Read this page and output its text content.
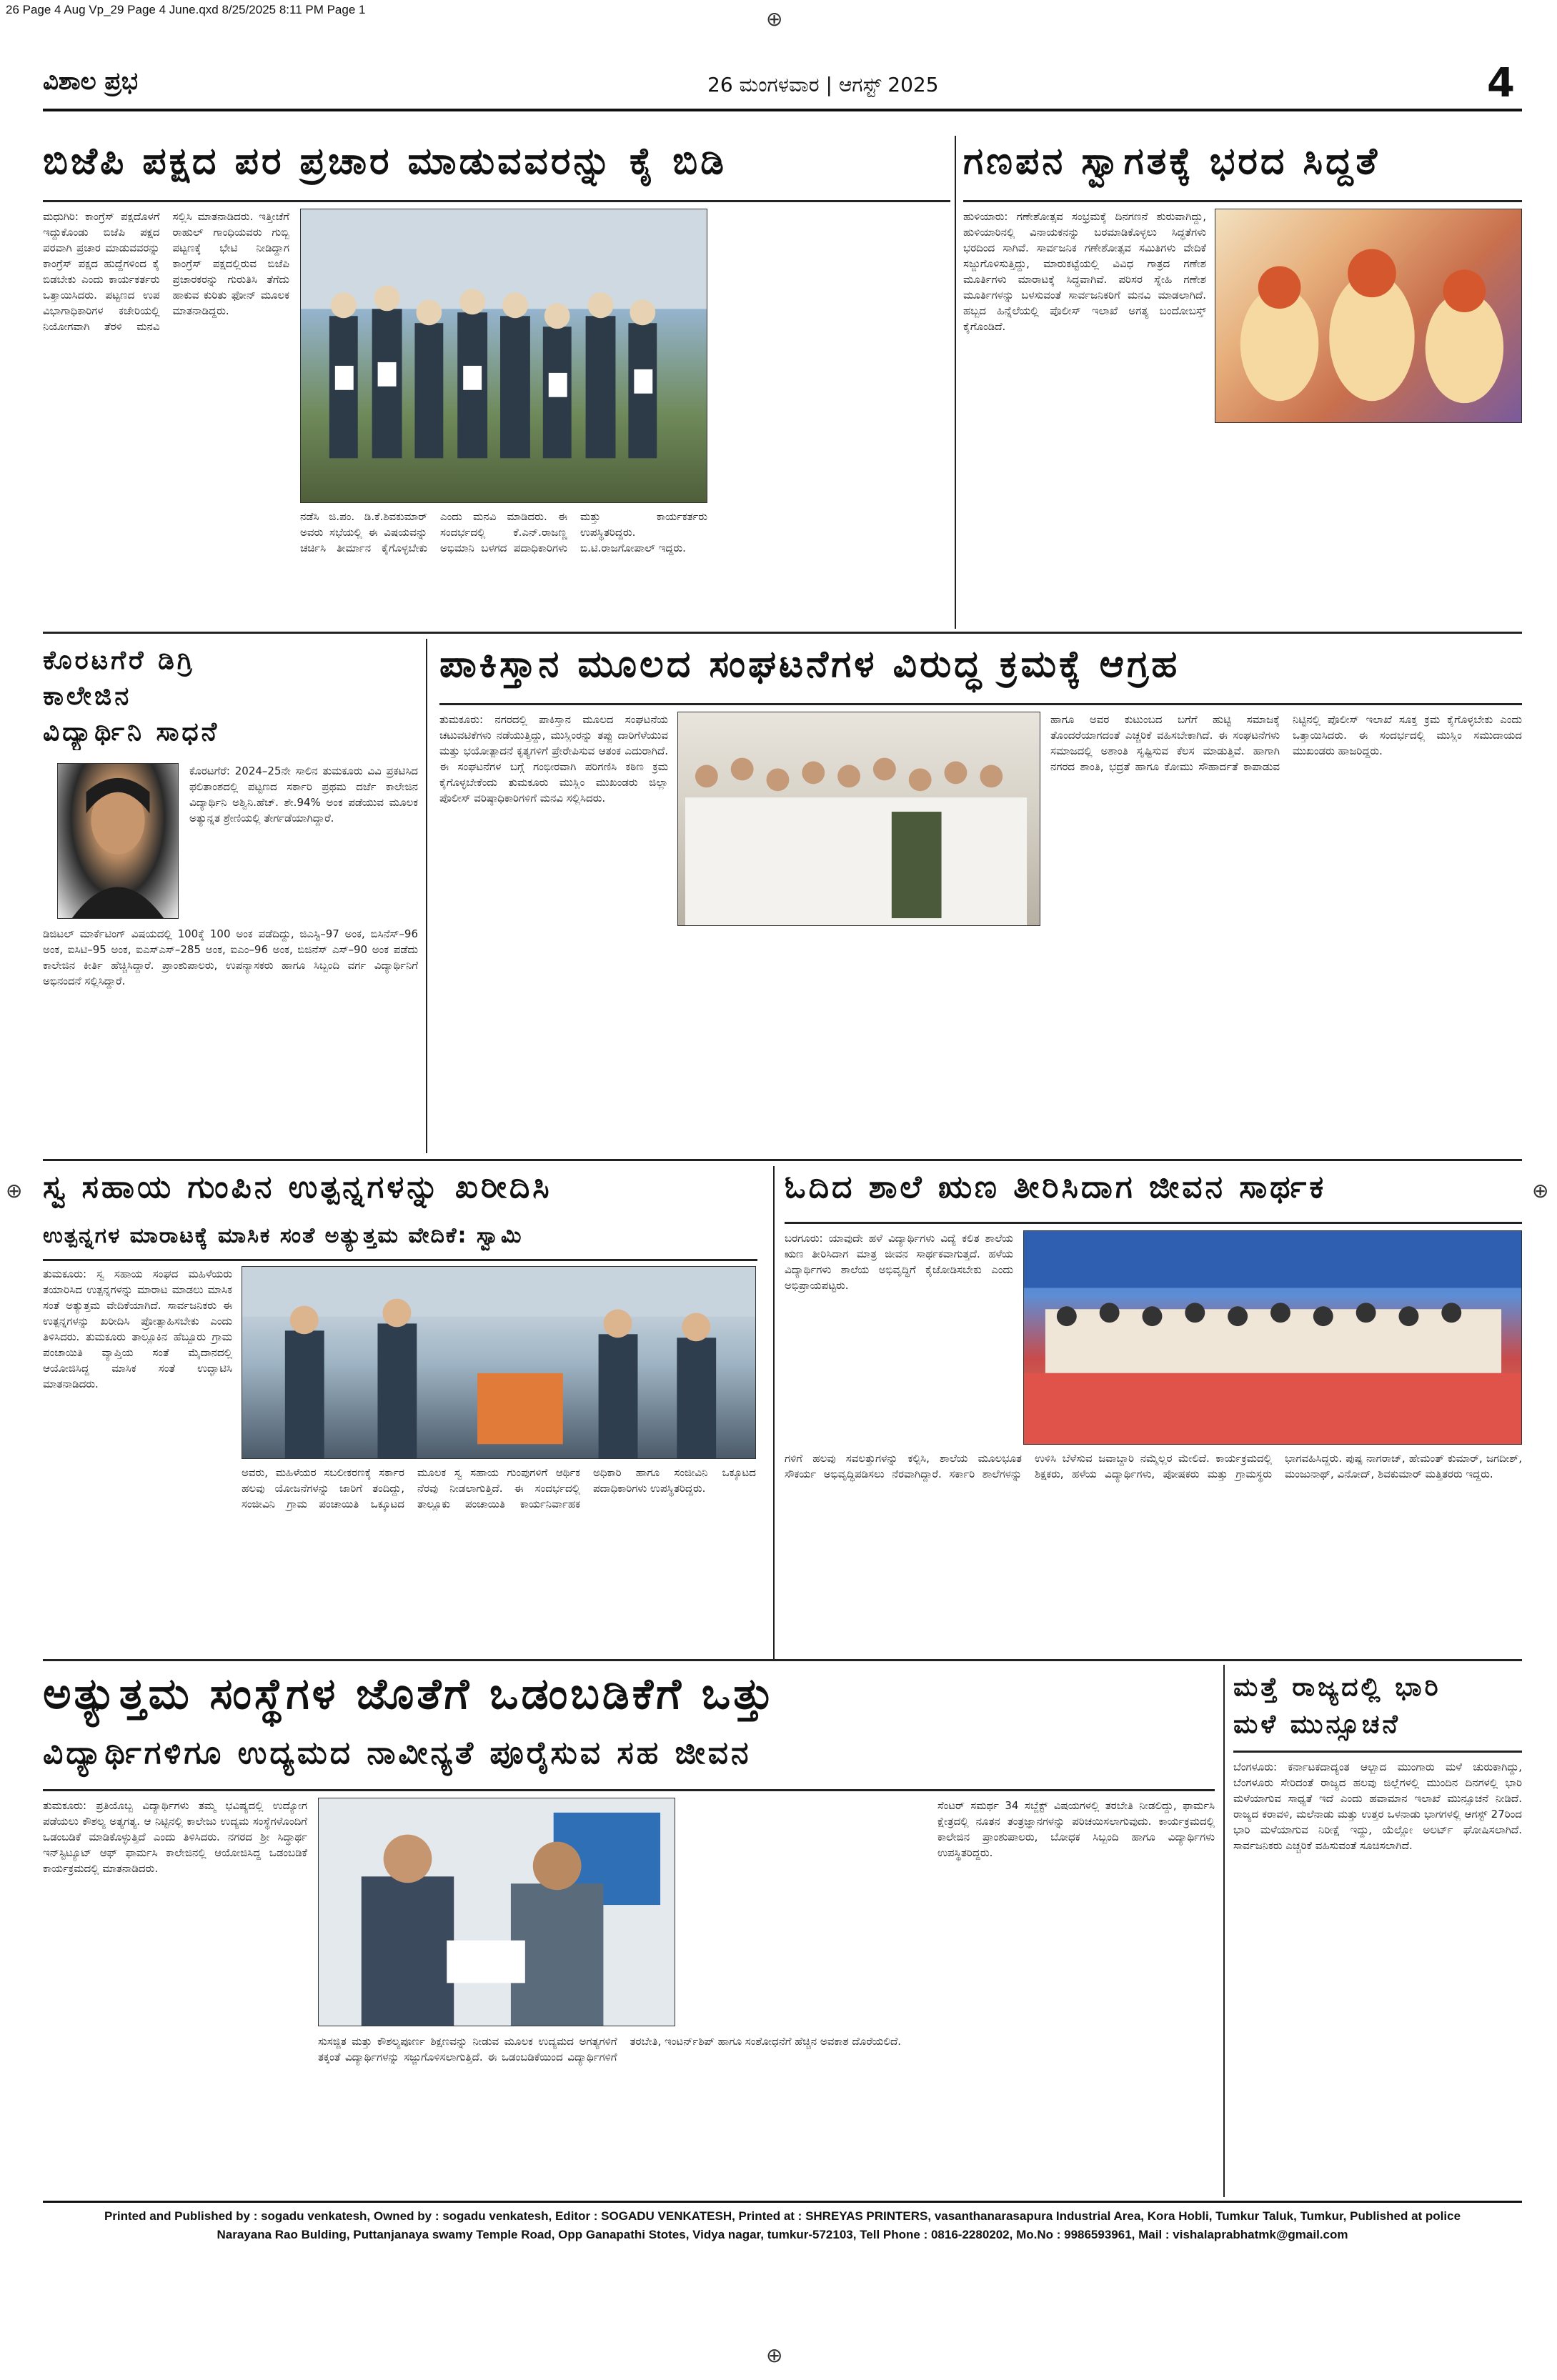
26 Page 4 Aug Vp_29 Page 4 June.qxd 8/25/2025 8:11 PM Page 1	⊕
⊕	⊕
⊕
ವಿಶಾಲ ಪ್ರಭ	26 ಮಂಗಳವಾರ | ಆಗಸ್ಟ್ 2025	4
ಬಿಜೆಪಿ ಪಕ್ಷದ ಪರ ಪ್ರಚಾರ ಮಾಡುವವರನ್ನು ಕೈ ಬಿಡಿ
ಮಧುಗಿರಿ: ಕಾಂಗ್ರೆಸ್ ಪಕ್ಷದೊಳಗೆ ಇದ್ದುಕೊಂಡು ಬಿಜೆಪಿ ಪಕ್ಷದ ಪರವಾಗಿ ಪ್ರಚಾರ ಮಾಡುವವರನ್ನು ಕಾಂಗ್ರೆಸ್ ಪಕ್ಷದ ಹುದ್ದೆಗಳಿಂದ ಕೈ ಬಿಡಬೇಕು ಎಂದು ಕಾರ್ಯಕರ್ತರು ಒತ್ತಾಯಿಸಿದರು. ಪಟ್ಟಣದ ಉಪ ವಿಭಾಗಾಧಿಕಾರಿಗಳ ಕಚೇರಿಯಲ್ಲಿ ನಿಯೋಗವಾಗಿ ತೆರಳಿ ಮನವಿ ಸಲ್ಲಿಸಿ ಮಾತನಾಡಿದರು. ಇತ್ತೀಚೆಗೆ ರಾಹುಲ್ ಗಾಂಧಿಯವರು ಗುಬ್ಬಿ ಪಟ್ಟಣಕ್ಕೆ ಭೇಟಿ ನೀಡಿದ್ದಾಗ ಕಾಂಗ್ರೆಸ್ ಪಕ್ಷದಲ್ಲಿರುವ ಬಿಜೆಪಿ ಪ್ರಚಾರಕರನ್ನು ಗುರುತಿಸಿ ತೆಗೆದು ಹಾಕುವ ಕುರಿತು ಫೋನ್ ಮೂಲಕ ಮಾತನಾಡಿದ್ದರು.
ನಡೆಸಿ ಜಿ.ಪಂ. ಡಿ.ಕೆ.ಶಿವಕುಮಾರ್ ಅವರು ಸಭೆಯಲ್ಲಿ ಈ ವಿಷಯವನ್ನು ಚರ್ಚಿಸಿ ತೀರ್ಮಾನ ಕೈಗೊಳ್ಳಬೇಕು ಎಂದು ಮನವಿ ಮಾಡಿದರು. ಈ ಸಂದರ್ಭದಲ್ಲಿ ಕೆ.ಎನ್.ರಾಜಣ್ಣ ಅಭಿಮಾನಿ ಬಳಗದ ಪದಾಧಿಕಾರಿಗಳು ಮತ್ತು ಕಾರ್ಯಕರ್ತರು ಉಪಸ್ಥಿತರಿದ್ದರು. ಬಿ.ಟಿ.ರಾಜಗೋಪಾಲ್ ಇದ್ದರು.
ಗಣಪನ ಸ್ವಾಗತಕ್ಕೆ ಭರದ ಸಿದ್ದತೆ
ಹುಳಿಯಾರು: ಗಣೇಶೋತ್ಸವ ಸಂಭ್ರಮಕ್ಕೆ ದಿನಗಣನೆ ಶುರುವಾಗಿದ್ದು, ಹುಳಿಯಾರಿನಲ್ಲಿ ವಿನಾಯಕನನ್ನು ಬರಮಾಡಿಕೊಳ್ಳಲು ಸಿದ್ಧತೆಗಳು ಭರದಿಂದ ಸಾಗಿವೆ. ಸಾರ್ವಜನಿಕ ಗಣೇಶೋತ್ಸವ ಸಮಿತಿಗಳು ವೇದಿಕೆ ಸಜ್ಜುಗೊಳಿಸುತ್ತಿದ್ದು, ಮಾರುಕಟ್ಟೆಯಲ್ಲಿ ವಿವಿಧ ಗಾತ್ರದ ಗಣೇಶ ಮೂರ್ತಿಗಳು ಮಾರಾಟಕ್ಕೆ ಸಿದ್ಧವಾಗಿವೆ. ಪರಿಸರ ಸ್ನೇಹಿ ಗಣೇಶ ಮೂರ್ತಿಗಳನ್ನು ಬಳಸುವಂತೆ ಸಾರ್ವಜನಿಕರಿಗೆ ಮನವಿ ಮಾಡಲಾಗಿದೆ. ಹಬ್ಬದ ಹಿನ್ನೆಲೆಯಲ್ಲಿ ಪೊಲೀಸ್ ಇಲಾಖೆ ಅಗತ್ಯ ಬಂದೋಬಸ್ತ್ ಕೈಗೊಂಡಿದೆ.
ಕೊರಟಗೆರೆ ಡಿಗ್ರಿ
ಕಾಲೇಜಿನ
ವಿದ್ಯಾರ್ಥಿನಿ ಸಾಧನೆ
ಕೊರಟಗೆರೆ: 2024–25ನೇ ಸಾಲಿನ ತುಮಕೂರು ವಿವಿ ಪ್ರಕಟಿಸಿದ ಫಲಿತಾಂಶದಲ್ಲಿ ಪಟ್ಟಣದ ಸರ್ಕಾರಿ ಪ್ರಥಮ ದರ್ಜೆ ಕಾಲೇಜಿನ ವಿದ್ಯಾರ್ಥಿನಿ ಅಶ್ವಿನಿ.ಹೆಚ್. ಶೇ.94% ಅಂಕ ಪಡೆಯುವ ಮೂಲಕ ಅತ್ಯುನ್ನತ ಶ್ರೇಣಿಯಲ್ಲಿ ತೇರ್ಗಡೆಯಾಗಿದ್ದಾರೆ.
ಡಿಜಿಟಲ್ ಮಾರ್ಕೆಟಿಂಗ್ ವಿಷಯದಲ್ಲಿ 100ಕ್ಕೆ 100 ಅಂಕ ಪಡೆದಿದ್ದು, ಜಿಎಸ್ಟಿ–97 ಅಂಕ, ಬಿಸಿನೆಸ್–96 ಅಂಕ, ಐಸಿಟಿ–95 ಅಂಕ, ಐಎಸ್ಎಸ್–285 ಅಂಕ, ಐಎಂ–96 ಅಂಕ, ಬಿಜಿನೆಸ್ ಎಸ್–90 ಅಂಕ ಪಡೆದು ಕಾಲೇಜಿನ ಕೀರ್ತಿ ಹೆಚ್ಚಿಸಿದ್ದಾರೆ. ಪ್ರಾಂಶುಪಾಲರು, ಉಪನ್ಯಾಸಕರು ಹಾಗೂ ಸಿಬ್ಬಂದಿ ವರ್ಗ ವಿದ್ಯಾರ್ಥಿನಿಗೆ ಅಭಿನಂದನೆ ಸಲ್ಲಿಸಿದ್ದಾರೆ.
ಪಾಕಿಸ್ತಾನ ಮೂಲದ ಸಂಘಟನೆಗಳ ವಿರುದ್ಧ ಕ್ರಮಕ್ಕೆ ಆಗ್ರಹ
ತುಮಕೂರು: ನಗರದಲ್ಲಿ ಪಾಕಿಸ್ತಾನ ಮೂಲದ ಸಂಘಟನೆಯ ಚಟುವಟಿಕೆಗಳು ನಡೆಯುತ್ತಿದ್ದು, ಮುಸ್ಲಿಂರನ್ನು ತಪ್ಪು ದಾರಿಗೆಳೆಯುವ ಮತ್ತು ಭಯೋತ್ಪಾದನೆ ಕೃತ್ಯಗಳಿಗೆ ಪ್ರೇರೇಪಿಸುವ ಆತಂಕ ಎದುರಾಗಿದೆ. ಈ ಸಂಘಟನೆಗಳ ಬಗ್ಗೆ ಗಂಭೀರವಾಗಿ ಪರಿಗಣಿಸಿ ಕಠಿಣ ಕ್ರಮ ಕೈಗೊಳ್ಳಬೇಕೆಂದು ತುಮಕೂರು ಮುಸ್ಲಿಂ ಮುಖಂಡರು ಜಿಲ್ಲಾ ಪೊಲೀಸ್ ವರಿಷ್ಠಾಧಿಕಾರಿಗಳಿಗೆ ಮನವಿ ಸಲ್ಲಿಸಿದರು.
ಹಾಗೂ ಅವರ ಕುಟುಂಬದ ಬಗೆಗೆ ಹುಟ್ಟಿ ಸಮಾಜಕ್ಕೆ ತೊಂದರೆಯಾಗದಂತೆ ಎಚ್ಚರಿಕೆ ವಹಿಸಬೇಕಾಗಿದೆ. ಈ ಸಂಘಟನೆಗಳು ಸಮಾಜದಲ್ಲಿ ಅಶಾಂತಿ ಸೃಷ್ಟಿಸುವ ಕೆಲಸ ಮಾಡುತ್ತಿವೆ. ಹಾಗಾಗಿ ನಗರದ ಶಾಂತಿ, ಭದ್ರತೆ ಹಾಗೂ ಕೋಮು ಸೌಹಾರ್ದತೆ ಕಾಪಾಡುವ ನಿಟ್ಟಿನಲ್ಲಿ ಪೊಲೀಸ್ ಇಲಾಖೆ ಸೂಕ್ತ ಕ್ರಮ ಕೈಗೊಳ್ಳಬೇಕು ಎಂದು ಒತ್ತಾಯಿಸಿದರು. ಈ ಸಂದರ್ಭದಲ್ಲಿ ಮುಸ್ಲಿಂ ಸಮುದಾಯದ ಮುಖಂಡರು ಹಾಜರಿದ್ದರು.
ಸ್ವ ಸಹಾಯ ಗುಂಪಿನ ಉತ್ಪನ್ನಗಳನ್ನು ಖರೀದಿಸಿ
ಉತ್ಪನ್ನಗಳ ಮಾರಾಟಕ್ಕೆ ಮಾಸಿಕ ಸಂತೆ ಅತ್ಯುತ್ತಮ ವೇದಿಕೆ: ಸ್ವಾಮಿ
ತುಮಕೂರು: ಸ್ವ ಸಹಾಯ ಸಂಘದ ಮಹಿಳೆಯರು ತಯಾರಿಸಿದ ಉತ್ಪನ್ನಗಳನ್ನು ಮಾರಾಟ ಮಾಡಲು ಮಾಸಿಕ ಸಂತೆ ಅತ್ಯುತ್ತಮ ವೇದಿಕೆಯಾಗಿದೆ. ಸಾರ್ವಜನಿಕರು ಈ ಉತ್ಪನ್ನಗಳನ್ನು ಖರೀದಿಸಿ ಪ್ರೋತ್ಸಾಹಿಸಬೇಕು ಎಂದು ತಿಳಿಸಿದರು. ತುಮಕೂರು ತಾಲ್ಲೂಕಿನ ಹೆಬ್ಬೂರು ಗ್ರಾಮ ಪಂಚಾಯಿತಿ ವ್ಯಾಪ್ತಿಯ ಸಂತೆ ಮೈದಾನದಲ್ಲಿ ಆಯೋಜಿಸಿದ್ದ ಮಾಸಿಕ ಸಂತೆ ಉದ್ಘಾಟಿಸಿ ಮಾತನಾಡಿದರು.
ಅವರು, ಮಹಿಳೆಯರ ಸಬಲೀಕರಣಕ್ಕೆ ಸರ್ಕಾರ ಹಲವು ಯೋಜನೆಗಳನ್ನು ಜಾರಿಗೆ ತಂದಿದ್ದು, ಸಂಜೀವಿನಿ ಗ್ರಾಮ ಪಂಚಾಯಿತಿ ಒಕ್ಕೂಟದ ಮೂಲಕ ಸ್ವ ಸಹಾಯ ಗುಂಪುಗಳಿಗೆ ಆರ್ಥಿಕ ನೆರವು ನೀಡಲಾಗುತ್ತಿದೆ. ಈ ಸಂದರ್ಭದಲ್ಲಿ ತಾಲ್ಲೂಕು ಪಂಚಾಯಿತಿ ಕಾರ್ಯನಿರ್ವಾಹಕ ಅಧಿಕಾರಿ ಹಾಗೂ ಸಂಜೀವಿನಿ ಒಕ್ಕೂಟದ ಪದಾಧಿಕಾರಿಗಳು ಉಪಸ್ಥಿತರಿದ್ದರು.
ಓದಿದ ಶಾಲೆ ಋಣ ತೀರಿಸಿದಾಗ ಜೀವನ ಸಾರ್ಥಕ
ಬರಗೂರು: ಯಾವುದೇ ಹಳೆ ವಿದ್ಯಾರ್ಥಿಗಳು ವಿದ್ಯೆ ಕಲಿತ ಶಾಲೆಯ ಋಣ ತೀರಿಸಿದಾಗ ಮಾತ್ರ ಜೀವನ ಸಾರ್ಥಕವಾಗುತ್ತದೆ. ಹಳೆಯ ವಿದ್ಯಾರ್ಥಿಗಳು ಶಾಲೆಯ ಅಭಿವೃದ್ಧಿಗೆ ಕೈಜೋಡಿಸಬೇಕು ಎಂದು ಅಭಿಪ್ರಾಯಪಟ್ಟರು.
ಗಳಿಗೆ ಹಲವು ಸವಲತ್ತುಗಳನ್ನು ಕಲ್ಪಿಸಿ, ಶಾಲೆಯ ಮೂಲಭೂತ ಸೌಕರ್ಯ ಅಭಿವೃದ್ಧಿಪಡಿಸಲು ನೆರವಾಗಿದ್ದಾರೆ. ಸರ್ಕಾರಿ ಶಾಲೆಗಳನ್ನು ಉಳಿಸಿ ಬೆಳೆಸುವ ಜವಾಬ್ದಾರಿ ನಮ್ಮೆಲ್ಲರ ಮೇಲಿದೆ. ಕಾರ್ಯಕ್ರಮದಲ್ಲಿ ಶಿಕ್ಷಕರು, ಹಳೆಯ ವಿದ್ಯಾರ್ಥಿಗಳು, ಪೋಷಕರು ಮತ್ತು ಗ್ರಾಮಸ್ಥರು ಭಾಗವಹಿಸಿದ್ದರು. ಪುಷ್ಪ ನಾಗರಾಜ್, ಹೇಮಂತ್ ಕುಮಾರ್, ಜಗದೀಶ್, ಮಂಜುನಾಥ್, ವಿನೋದ್, ಶಿವಕುಮಾರ್ ಮತ್ತಿತರರು ಇದ್ದರು.
ಅತ್ಯುತ್ತಮ ಸಂಸ್ಥೆಗಳ ಜೊತೆಗೆ ಒಡಂಬಡಿಕೆಗೆ ಒತ್ತು
ವಿದ್ಯಾರ್ಥಿಗಳಿಗೂ ಉದ್ಯಮದ ನಾವೀನ್ಯತೆ ಪೂರೈಸುವ ಸಹ ಜೀವನ
ತುಮಕೂರು: ಪ್ರತಿಯೊಬ್ಬ ವಿದ್ಯಾರ್ಥಿಗಳು ತಮ್ಮ ಭವಿಷ್ಯದಲ್ಲಿ ಉದ್ಯೋಗ ಪಡೆಯಲು ಕೌಶಲ್ಯ ಅತ್ಯಗತ್ಯ. ಆ ನಿಟ್ಟಿನಲ್ಲಿ ಕಾಲೇಜು ಉದ್ಯಮ ಸಂಸ್ಥೆಗಳೊಂದಿಗೆ ಒಡಂಬಡಿಕೆ ಮಾಡಿಕೊಳ್ಳುತ್ತಿದೆ ಎಂದು ತಿಳಿಸಿದರು. ನಗರದ ಶ್ರೀ ಸಿದ್ಧಾರ್ಥ ಇನ್‌ಸ್ಟಿಟ್ಯೂಟ್ ಆಫ್ ಫಾರ್ಮಸಿ ಕಾಲೇಜಿನಲ್ಲಿ ಆಯೋಜಿಸಿದ್ದ ಒಡಂಬಡಿಕೆ ಕಾರ್ಯಕ್ರಮದಲ್ಲಿ ಮಾತನಾಡಿದರು.
ಸುಸಜ್ಜಿತ ಮತ್ತು ಕೌಶಲ್ಯಪೂರ್ಣ ಶಿಕ್ಷಣವನ್ನು ನೀಡುವ ಮೂಲಕ ಉದ್ಯಮದ ಅಗತ್ಯಗಳಿಗೆ ತಕ್ಕಂತೆ ವಿದ್ಯಾರ್ಥಿಗಳನ್ನು ಸಜ್ಜುಗೊಳಿಸಲಾಗುತ್ತಿದೆ. ಈ ಒಡಂಬಡಿಕೆಯಿಂದ ವಿದ್ಯಾರ್ಥಿಗಳಿಗೆ ತರಬೇತಿ, ಇಂಟರ್ನ್‌ಶಿಪ್ ಹಾಗೂ ಸಂಶೋಧನೆಗೆ ಹೆಚ್ಚಿನ ಅವಕಾಶ ದೊರೆಯಲಿದೆ.
ಸೆಂಟರ್ ಸಮರ್ಥ 34 ಸಬ್ಜೆಕ್ಟ್ ವಿಷಯಗಳಲ್ಲಿ ತರಬೇತಿ ನೀಡಲಿದ್ದು, ಫಾರ್ಮಸಿ ಕ್ಷೇತ್ರದಲ್ಲಿ ನೂತನ ತಂತ್ರಜ್ಞಾನಗಳನ್ನು ಪರಿಚಯಿಸಲಾಗುವುದು. ಕಾರ್ಯಕ್ರಮದಲ್ಲಿ ಕಾಲೇಜಿನ ಪ್ರಾಂಶುಪಾಲರು, ಬೋಧಕ ಸಿಬ್ಬಂದಿ ಹಾಗೂ ವಿದ್ಯಾರ್ಥಿಗಳು ಉಪಸ್ಥಿತರಿದ್ದರು.
ಮತ್ತೆ ರಾಜ್ಯದಲ್ಲಿ ಭಾರಿ
ಮಳೆ ಮುನ್ಸೂಚನೆ
ಬೆಂಗಳೂರು: ಕರ್ನಾಟಕದಾದ್ಯಂತ ಆಲ್ಬಾದ ಮುಂಗಾರು ಮಳೆ ಚುರುಕಾಗಿದ್ದು, ಬೆಂಗಳೂರು ಸೇರಿದಂತೆ ರಾಜ್ಯದ ಹಲವು ಜಿಲ್ಲೆಗಳಲ್ಲಿ ಮುಂದಿನ ದಿನಗಳಲ್ಲಿ ಭಾರಿ ಮಳೆಯಾಗುವ ಸಾಧ್ಯತೆ ಇದೆ ಎಂದು ಹವಾಮಾನ ಇಲಾಖೆ ಮುನ್ಸೂಚನೆ ನೀಡಿದೆ. ರಾಜ್ಯದ ಕರಾವಳಿ, ಮಲೆನಾಡು ಮತ್ತು ಉತ್ತರ ಒಳನಾಡು ಭಾಗಗಳಲ್ಲಿ ಆಗಸ್ಟ್ 27ರಿಂದ ಭಾರಿ ಮಳೆಯಾಗುವ ನಿರೀಕ್ಷೆ ಇದ್ದು, ಯೆಲ್ಲೋ ಅಲರ್ಟ್ ಘೋಷಿಸಲಾಗಿದೆ. ಸಾರ್ವಜನಿಕರು ಎಚ್ಚರಿಕೆ ವಹಿಸುವಂತೆ ಸೂಚಿಸಲಾಗಿದೆ.
Printed and Published by : sogadu venkatesh, Owned by : sogadu venkatesh, Editor : SOGADU VENKATESH, Printed at : SHREYAS PRINTERS, vasanthanarasapura Industrial Area, Kora Hobli, Tumkur Taluk, Tumkur, Published at police
Narayana Rao Bulding, Puttanjanaya swamy Temple Road, Opp Ganapathi Stotes, Vidya nagar, tumkur-572103, Tell Phone : 0816-2280202, Mo.No : 9986593961, Mail : vishalaprabhatmk@gmail.com
